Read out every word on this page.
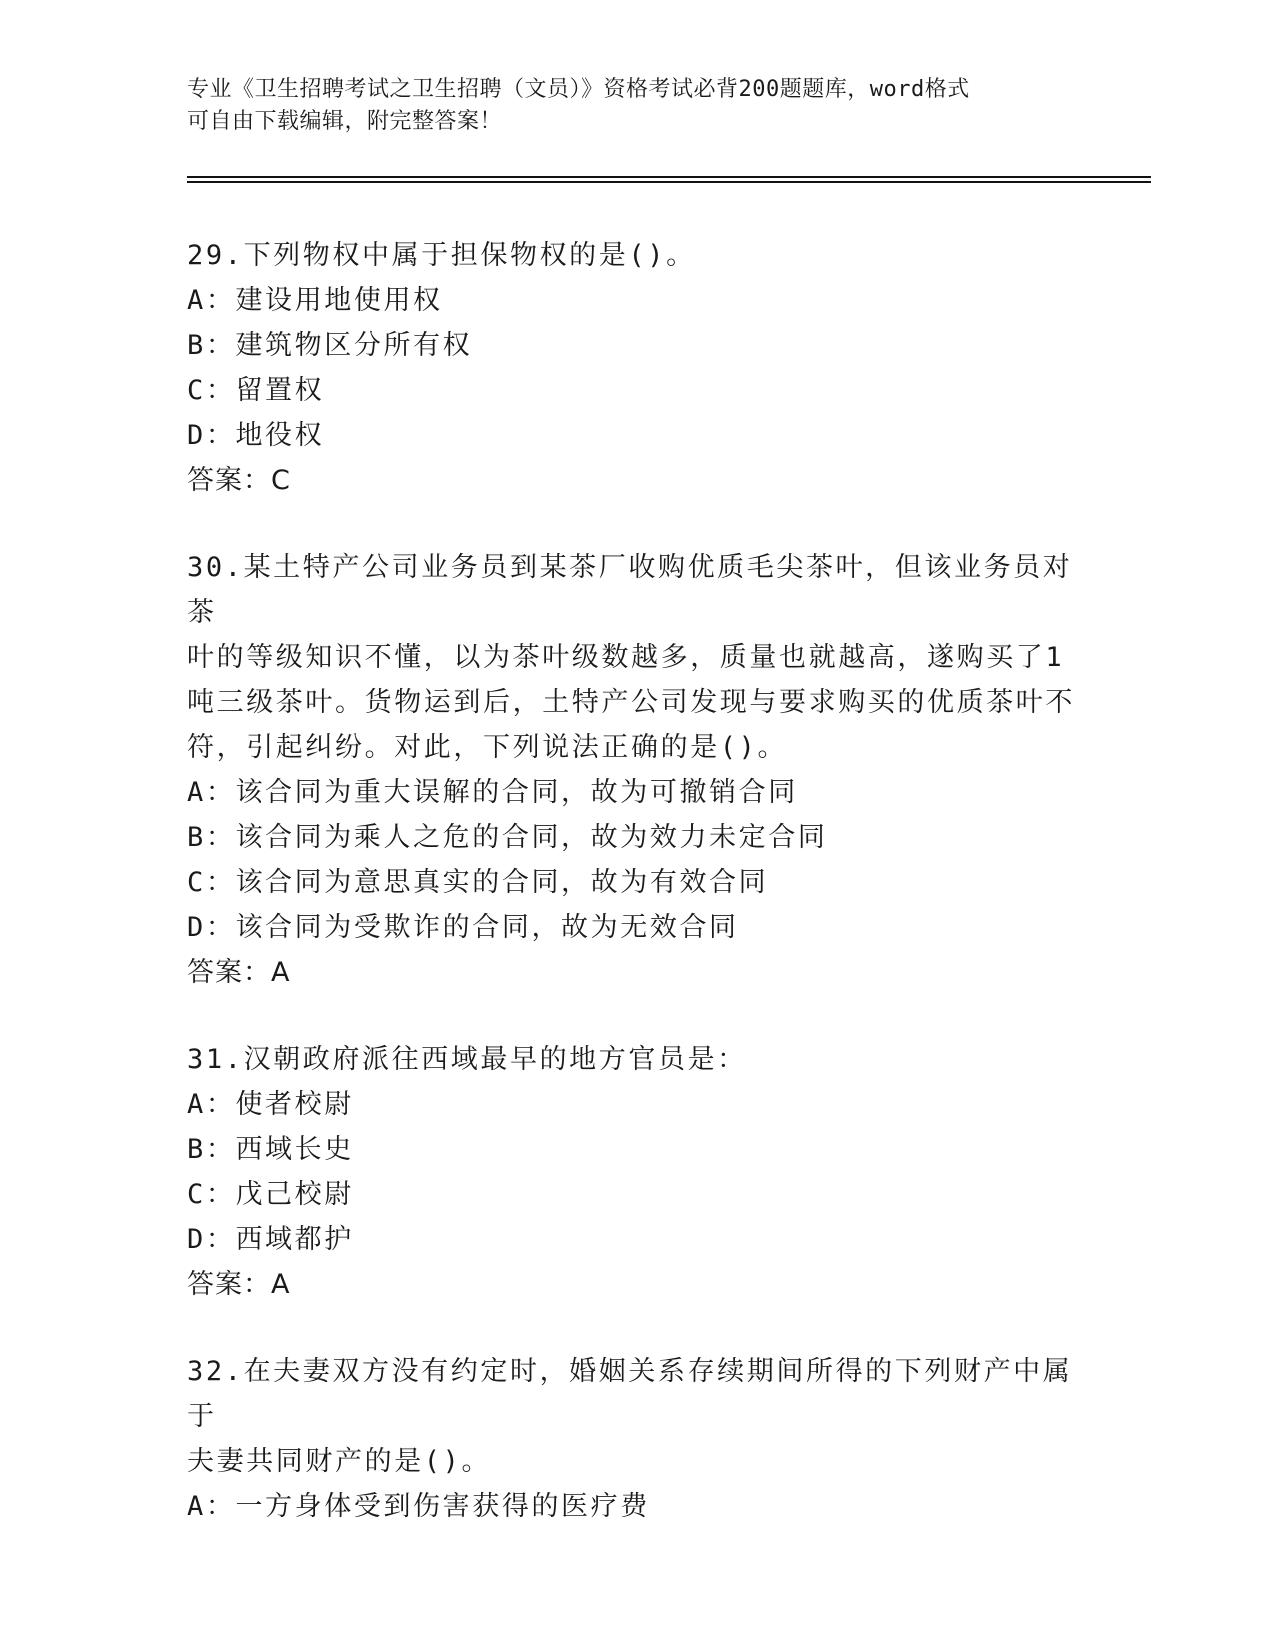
专业《卫生招聘考试之卫生招聘（文员）》资格考试必背200题题库，word格式
可自由下载编辑，附完整答案！
29.下列物权中属于担保物权的是()。
A：建设用地使用权
B：建筑物区分所有权
C：留置权
D：地役权
答案：C
30.某土特产公司业务员到某茶厂收购优质毛尖茶叶，但该业务员对茶
叶的等级知识不懂，以为茶叶级数越多，质量也就越高，遂购买了1
吨三级茶叶。货物运到后，土特产公司发现与要求购买的优质茶叶不
符，引起纠纷。对此，下列说法正确的是()。
A：该合同为重大误解的合同，故为可撤销合同
B：该合同为乘人之危的合同，故为效力未定合同
C：该合同为意思真实的合同，故为有效合同
D：该合同为受欺诈的合同，故为无效合同
答案：A
31.汉朝政府派往西域最早的地方官员是：
A：使者校尉
B：西域长史
C：戊己校尉
D：西域都护
答案：A
32.在夫妻双方没有约定时，婚姻关系存续期间所得的下列财产中属于
夫妻共同财产的是()。
A：一方身体受到伤害获得的医疗费
